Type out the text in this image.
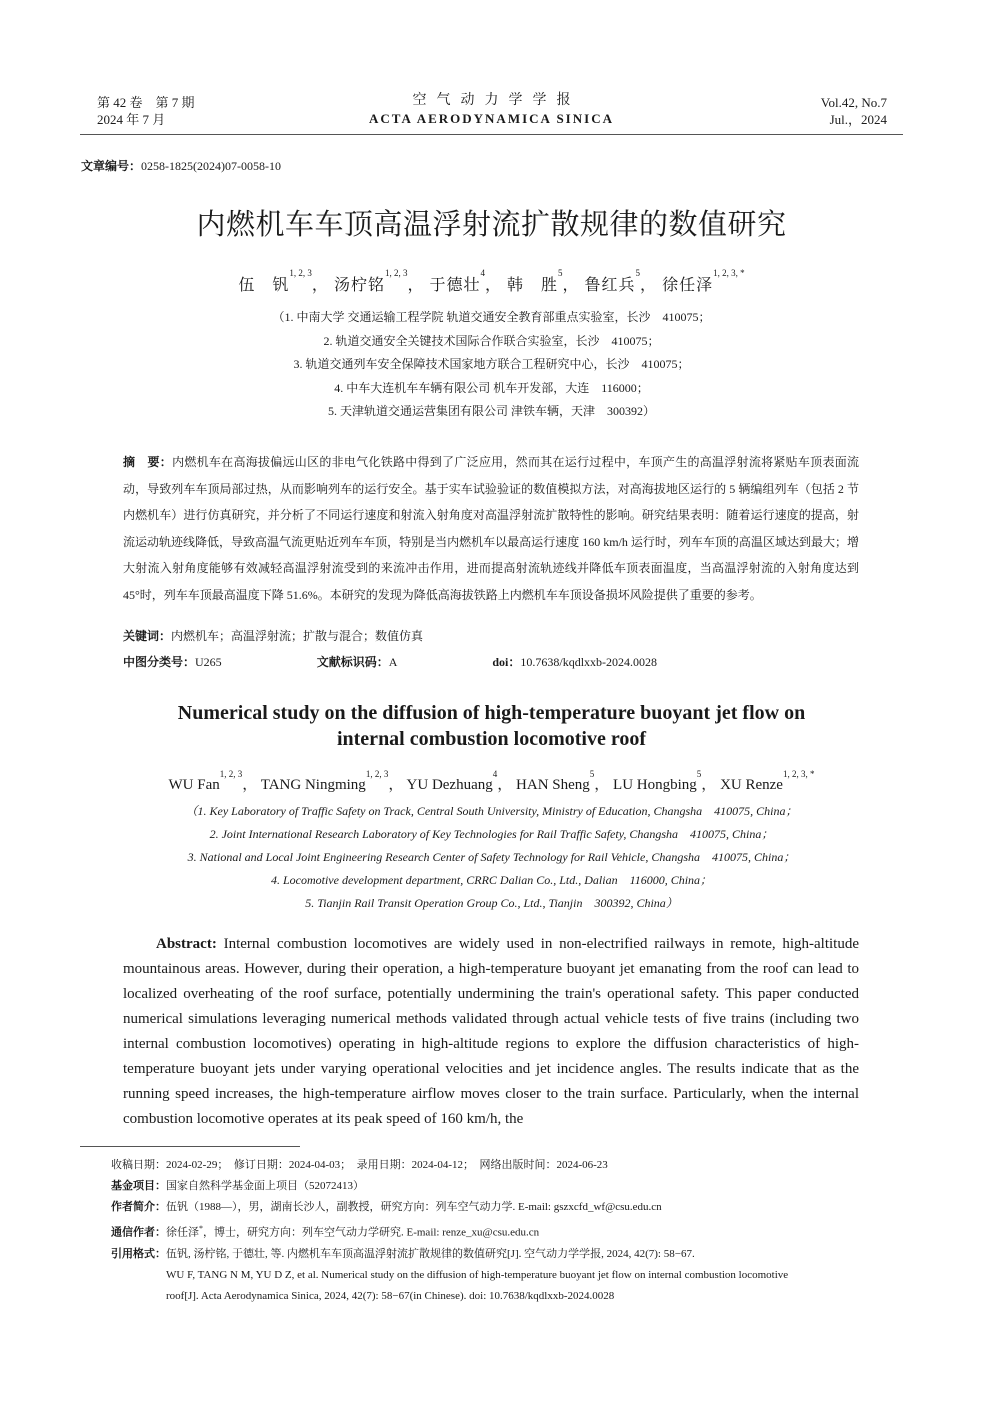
第 42 卷　第 7 期
2024 年 7 月
空气动力学学报
ACTA AERODYNAMICA SINICA
Vol.42, No.7
Jul.，2024
文章编号：0258-1825(2024)07-0058-10
内燃机车车顶高温浮射流扩散规律的数值研究
伍　钒$^{1, 2, 3}$， 汤柠铭$^{1, 2, 3}$， 于德壮$^4$， 韩　胜$^5$， 鲁红兵$^5$， 徐任泽$^{1, 2, 3, *}$
（1. 中南大学 交通运输工程学院 轨道交通安全教育部重点实验室，长沙　410075；
2. 轨道交通安全关键技术国际合作联合实验室，长沙　410075；
3. 轨道交通列车安全保障技术国家地方联合工程研究中心，长沙　410075；
4. 中车大连机车车辆有限公司 机车开发部，大连　116000；
5. 天津轨道交通运营集团有限公司 津铁车辆，天津　300392）
摘　要：内燃机车在高海拔偏远山区的非电气化铁路中得到了广泛应用，然而其在运行过程中，车顶产生的高温浮射流将紧贴车顶表面流动，导致列车车顶局部过热，从而影响列车的运行安全。基于实车试验验证的数值模拟方法，对高海拔地区运行的 5 辆编组列车（包括 2 节内燃机车）进行仿真研究，并分析了不同运行速度和射流入射角度对高温浮射流扩散特性的影响。研究结果表明：随着运行速度的提高，射流运动轨迹线降低，导致高温气流更贴近列车车顶，特别是当内燃机车以最高运行速度 160 km/h 运行时，列车车顶的高温区域达到最大；增大射流入射角度能够有效减轻高温浮射流受到的来流冲击作用，进而提高射流轨迹线并降低车顶表面温度，当高温浮射流的入射角度达到 45°时，列车车顶最高温度下降 51.6%。本研究的发现为降低高海拔铁路上内燃机车车顶设备损坏风险提供了重要的参考。
关键词：内燃机车；高温浮射流；扩散与混合；数值仿真
中图分类号：U265	文献标识码：A	doi：10.7638/kqdlxxb-2024.0028
Numerical study on the diffusion of high-temperature buoyant jet flow on
internal combustion locomotive roof
WU Fan$^{1, 2, 3}$， TANG Ningming$^{1, 2, 3}$， YU Dezhuang$^4$， HAN Sheng$^5$， LU Hongbing$^5$， XU Renze$^{1, 2, 3, *}$
（1. Key Laboratory of Traffic Safety on Track, Central South University, Ministry of Education, Changsha　410075, China；
2. Joint International Research Laboratory of Key Technologies for Rail Traffic Safety, Changsha　410075, China；
3. National and Local Joint Engineering Research Center of Safety Technology for Rail Vehicle, Changsha　410075, China；
4. Locomotive development department, CRRC Dalian Co., Ltd., Dalian　116000, China；
5. Tianjin Rail Transit Operation Group Co., Ltd., Tianjin　300392, China）
Abstract: Internal combustion locomotives are widely used in non-electrified railways in remote, high-altitude mountainous areas. However, during their operation, a high-temperature buoyant jet emanating from the roof can lead to localized overheating of the roof surface, potentially undermining the train's operational safety. This paper conducted numerical simulations leveraging numerical methods validated through actual vehicle tests of five trains (including two internal combustion locomotives) operating in high-altitude regions to explore the diffusion characteristics of high-temperature buoyant jets under varying operational velocities and jet incidence angles. The results indicate that as the running speed increases, the high-temperature airflow moves closer to the train surface. Particularly, when the internal combustion locomotive operates at its peak speed of 160 km/h, the
收稿日期：2024-02-29；　修订日期：2024-04-03；　录用日期：2024-04-12；　网络出版时间：2024-06-23
基金项目：国家自然科学基金面上项目（52072413）
作者简介：伍钒（1988—），男，湖南长沙人，副教授，研究方向：列车空气动力学. E-mail: gszxcfd_wf@csu.edu.cn
通信作者：徐任泽*，博士，研究方向：列车空气动力学研究. E-mail: renze_xu@csu.edu.cn
引用格式：伍钒, 汤柠铭, 于德壮, 等. 内燃机车车顶高温浮射流扩散规律的数值研究[J]. 空气动力学学报, 2024, 42(7): 58−67.
WU F, TANG N M, YU D Z, et al. Numerical study on the diffusion of high-temperature buoyant jet flow on internal combustion locomotive
roof[J]. Acta Aerodynamica Sinica, 2024, 42(7): 58−67(in Chinese). doi: 10.7638/kqdlxxb-2024.0028
